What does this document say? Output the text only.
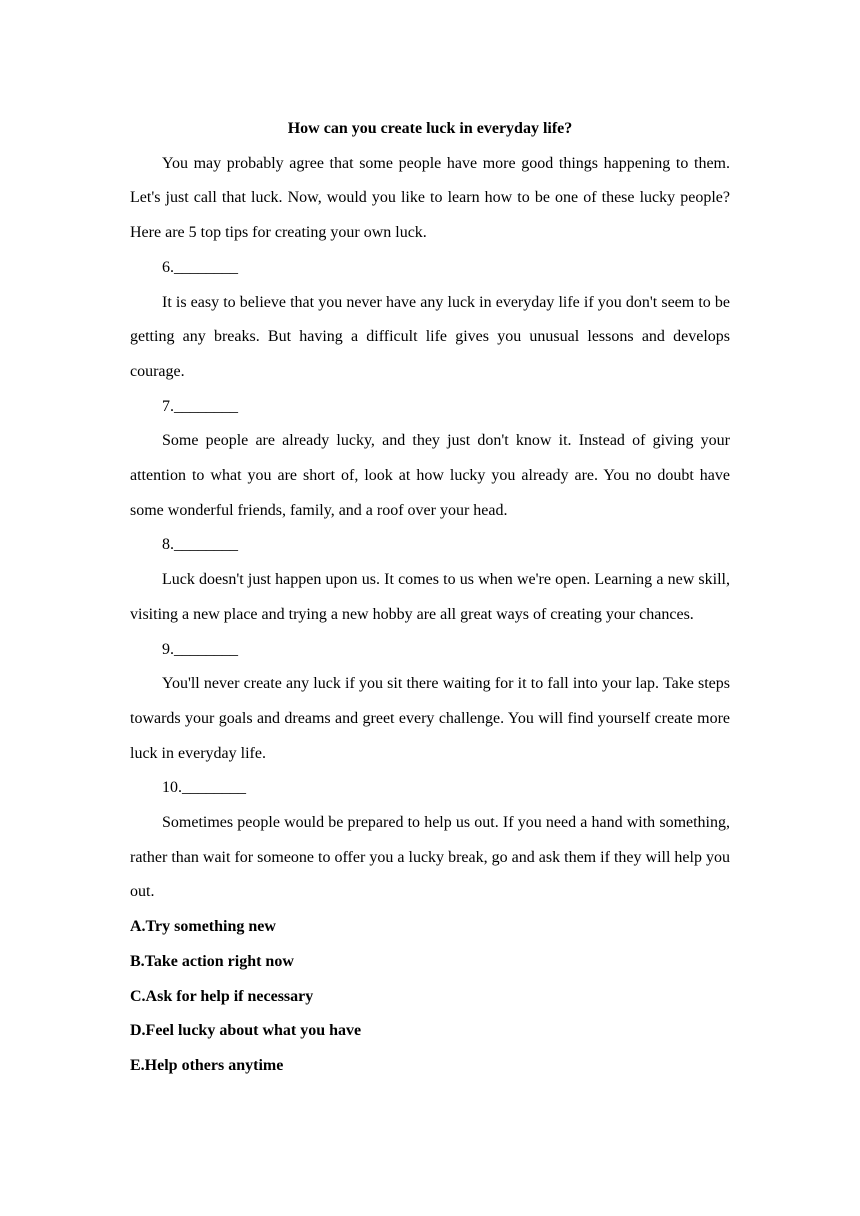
How can you create luck in everyday life?

You may probably agree that some people have more good things happening to them. Let's just call that luck. Now, would you like to learn how to be one of these lucky people? Here are 5 top tips for creating your own luck.

6.________

It is easy to believe that you never have any luck in everyday life if you don't seem to be getting any breaks. But having a difficult life gives you unusual lessons and develops courage.

7.________

Some people are already lucky, and they just don't know it. Instead of giving your attention to what you are short of, look at how lucky you already are. You no doubt have some wonderful friends, family, and a roof over your head.

8.________

Luck doesn't just happen upon us. It comes to us when we're open. Learning a new skill, visiting a new place and trying a new hobby are all great ways of creating your chances.

9.________

You'll never create any luck if you sit there waiting for it to fall into your lap. Take steps towards your goals and dreams and greet every challenge. You will find yourself create more luck in everyday life.

10.________

Sometimes people would be prepared to help us out. If you need a hand with something, rather than wait for someone to offer you a lucky break, go and ask them if they will help you out.

A.Try something new

B.Take action right now

C.Ask for help if necessary

D.Feel lucky about what you have

E.Help others anytime
